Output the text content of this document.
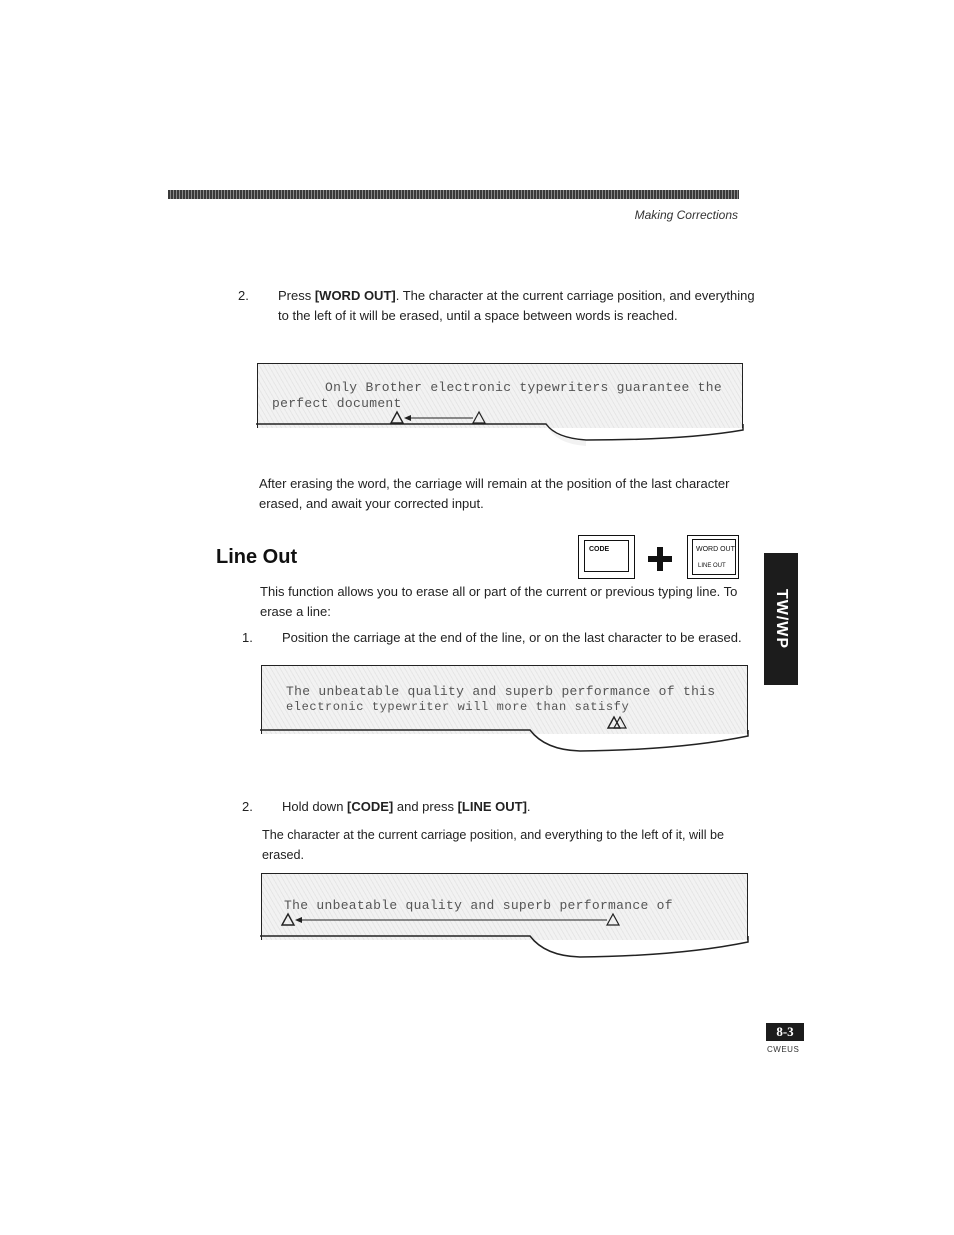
Making Corrections
2. Press [WORD OUT]. The character at the current carriage position, and everything to the left of it will be erased, until a space between words is reached.
Only Brother electronic typewriters guarantee the
perfect document
After erasing the word, the carriage will remain at the position of the last character erased, and await your corrected input.
Line Out	CODE	WORD OUT
LINE OUT
This function allows you to erase all or part of the current or previous typing line. To erase a line:
1. Position the carriage at the end of the line, or on the last character to be erased.
The unbeatable quality and superb performance of this
electronic typewriter will more than satisfy
2. Hold down [CODE] and press [LINE OUT].
The character at the current carriage position, and everything to the left of it, will be erased.
The unbeatable quality and superb performance of
TW/WP
8-3
CWEUS
